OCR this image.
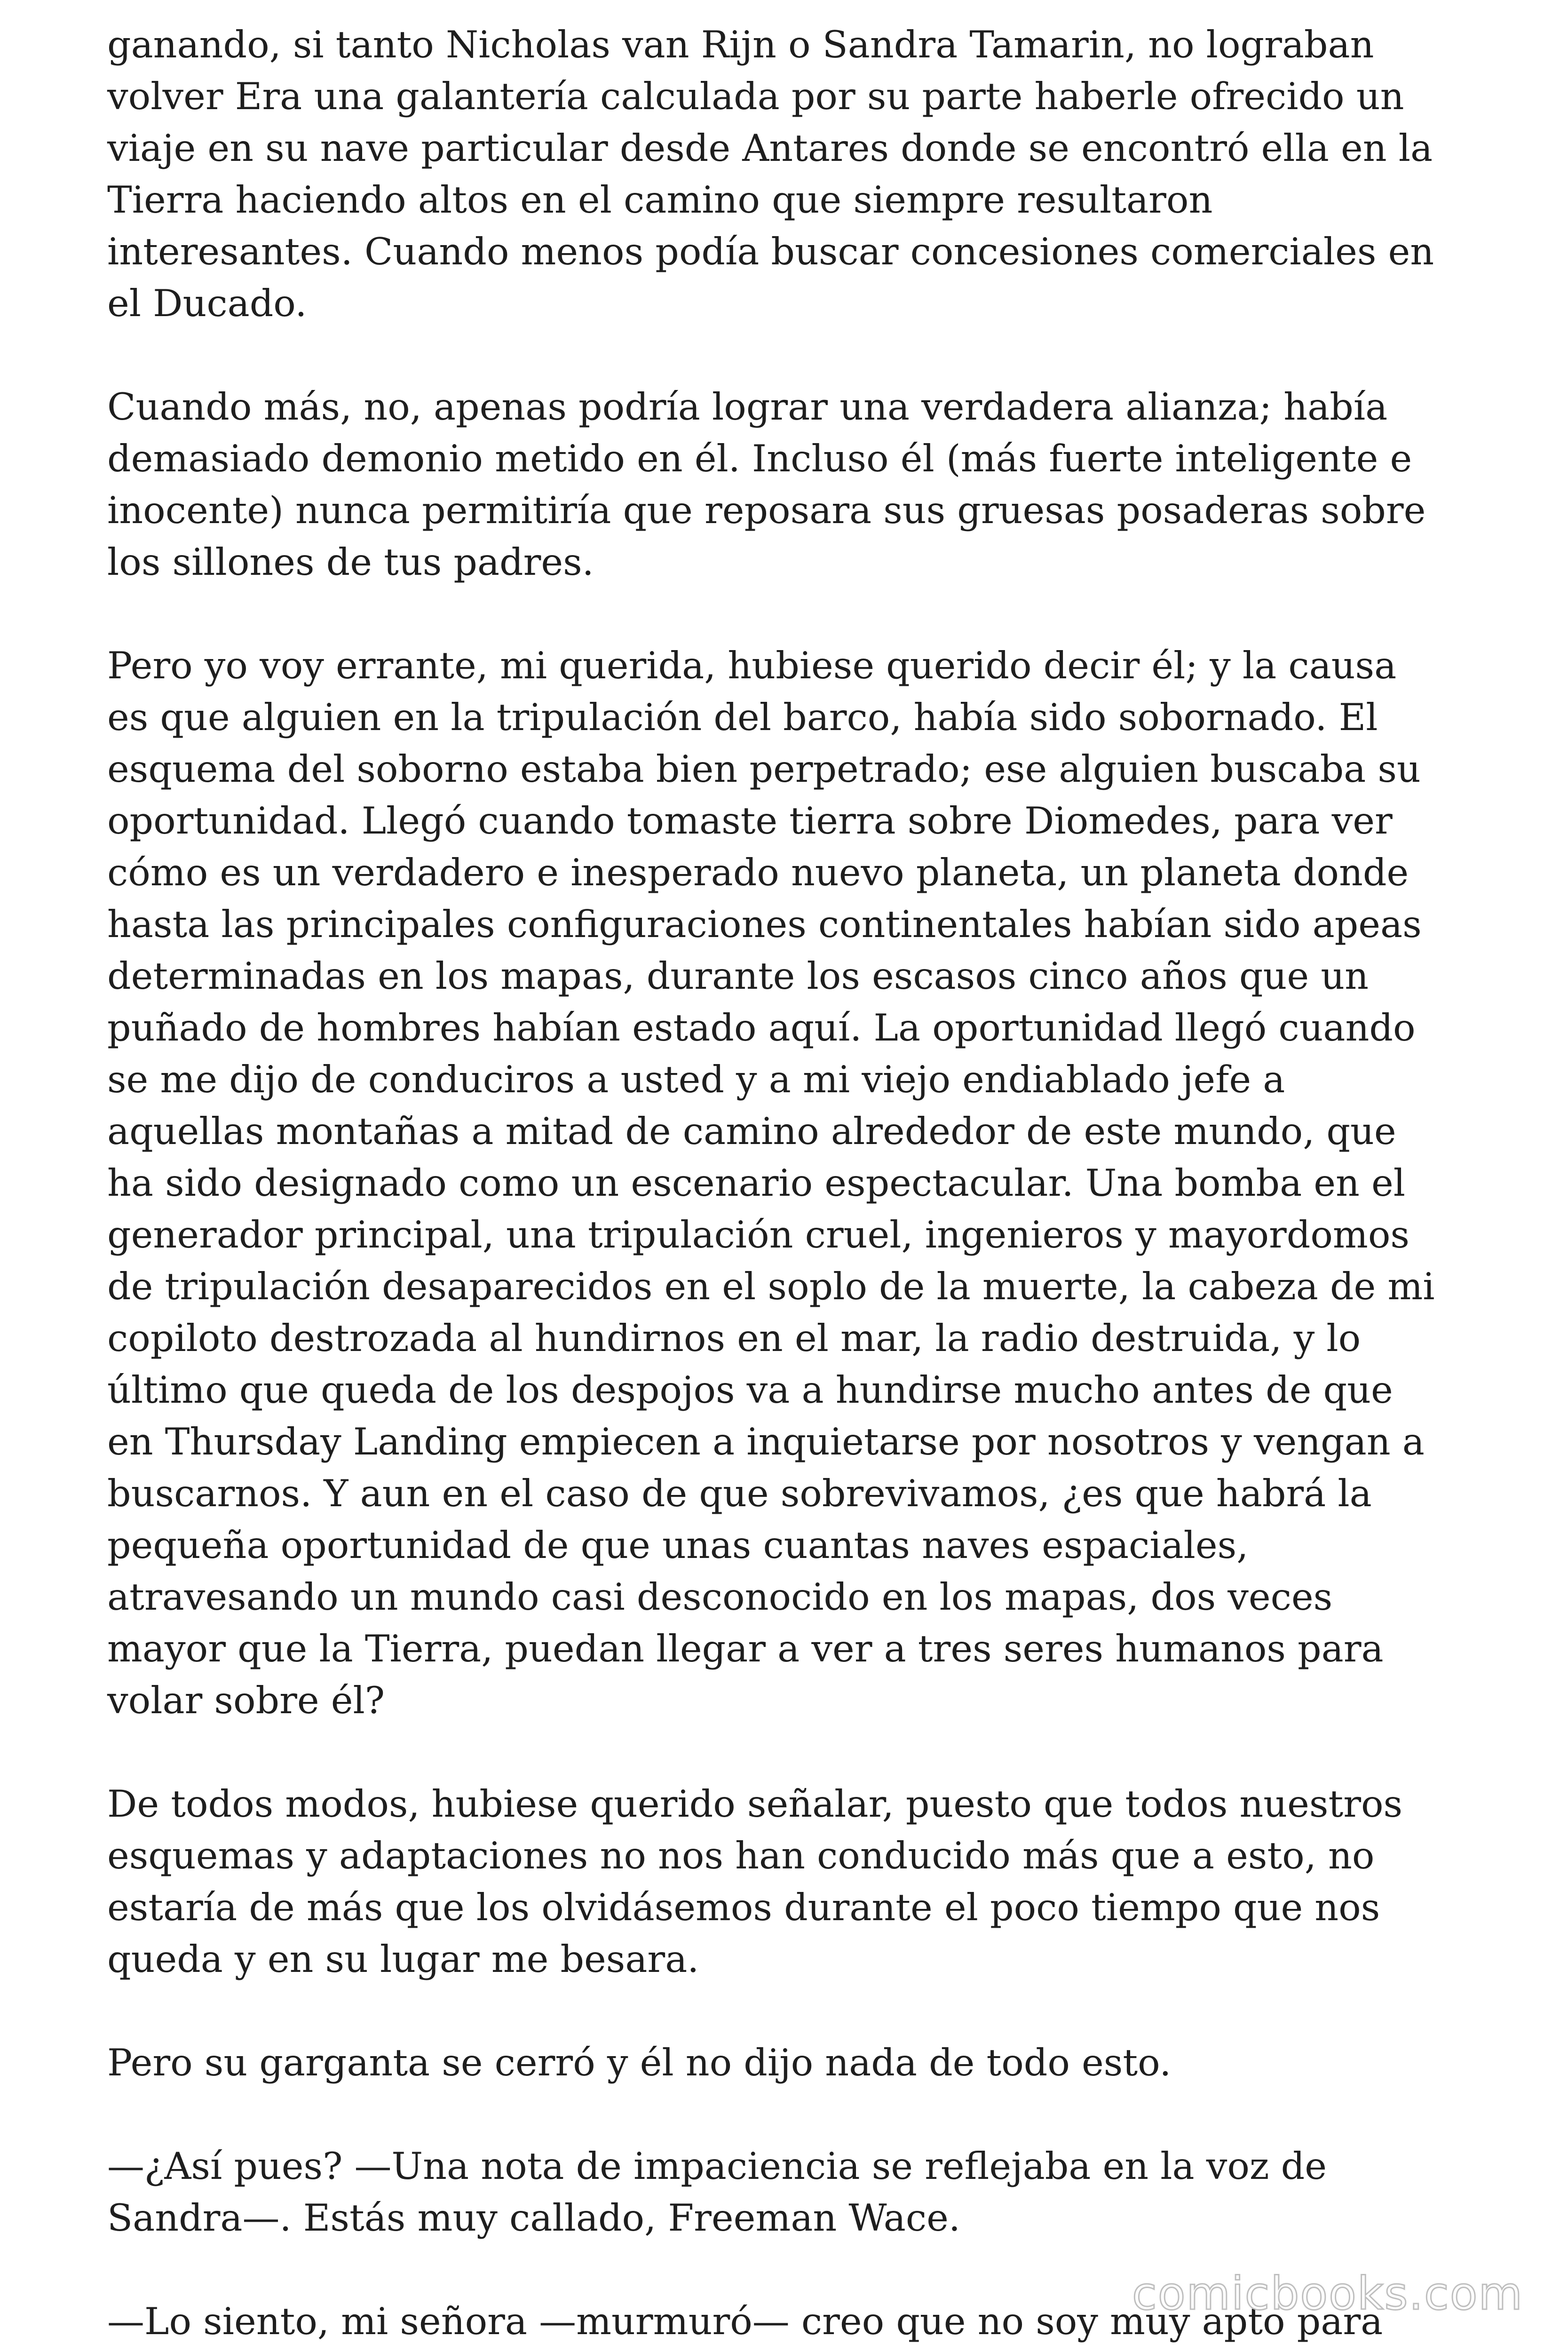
ganando, si tanto Nicholas van Rijn o Sandra Tamarin, no lograban
volver Era una galantería calculada por su parte haberle ofrecido un
viaje en su nave particular desde Antares donde se encontró ella en la
Tierra haciendo altos en el camino que siempre resultaron
interesantes. Cuando menos podía buscar concesiones comerciales en
el Ducado.

Cuando más, no, apenas podría lograr una verdadera alianza; había
demasiado demonio metido en él. Incluso él (más fuerte inteligente e
inocente) nunca permitiría que reposara sus gruesas posaderas sobre
los sillones de tus padres.

Pero yo voy errante, mi querida, hubiese querido decir él; y la causa
es que alguien en la tripulación del barco, había sido sobornado. El
esquema del soborno estaba bien perpetrado; ese alguien buscaba su
oportunidad. Llegó cuando tomaste tierra sobre Diomedes, para ver
cómo es un verdadero e inesperado nuevo planeta, un planeta donde
hasta las principales configuraciones continentales habían sido apeas
determinadas en los mapas, durante los escasos cinco años que un
puñado de hombres habían estado aquí. La oportunidad llegó cuando
se me dijo de conduciros a usted y a mi viejo endiablado jefe a
aquellas montañas a mitad de camino alrededor de este mundo, que
ha sido designado como un escenario espectacular. Una bomba en el
generador principal, una tripulación cruel, ingenieros y mayordomos
de tripulación desaparecidos en el soplo de la muerte, la cabeza de mi
copiloto destrozada al hundirnos en el mar, la radio destruida, y lo
último que queda de los despojos va a hundirse mucho antes de que
en Thursday Landing empiecen a inquietarse por nosotros y vengan a
buscarnos. Y aun en el caso de que sobrevivamos, ¿es que habrá la
pequeña oportunidad de que unas cuantas naves espaciales,
atravesando un mundo casi desconocido en los mapas, dos veces
mayor que la Tierra, puedan llegar a ver a tres seres humanos para
volar sobre él?

De todos modos, hubiese querido señalar, puesto que todos nuestros
esquemas y adaptaciones no nos han conducido más que a esto, no
estaría de más que los olvidásemos durante el poco tiempo que nos
queda y en su lugar me besara.

Pero su garganta se cerró y él no dijo nada de todo esto.

—¿Así pues? —Una nota de impaciencia se reflejaba en la voz de
Sandra—. Estás muy callado, Freeman Wace.

—Lo siento, mi señora —murmuró— creo que no soy muy apto para

comicbooks.com
